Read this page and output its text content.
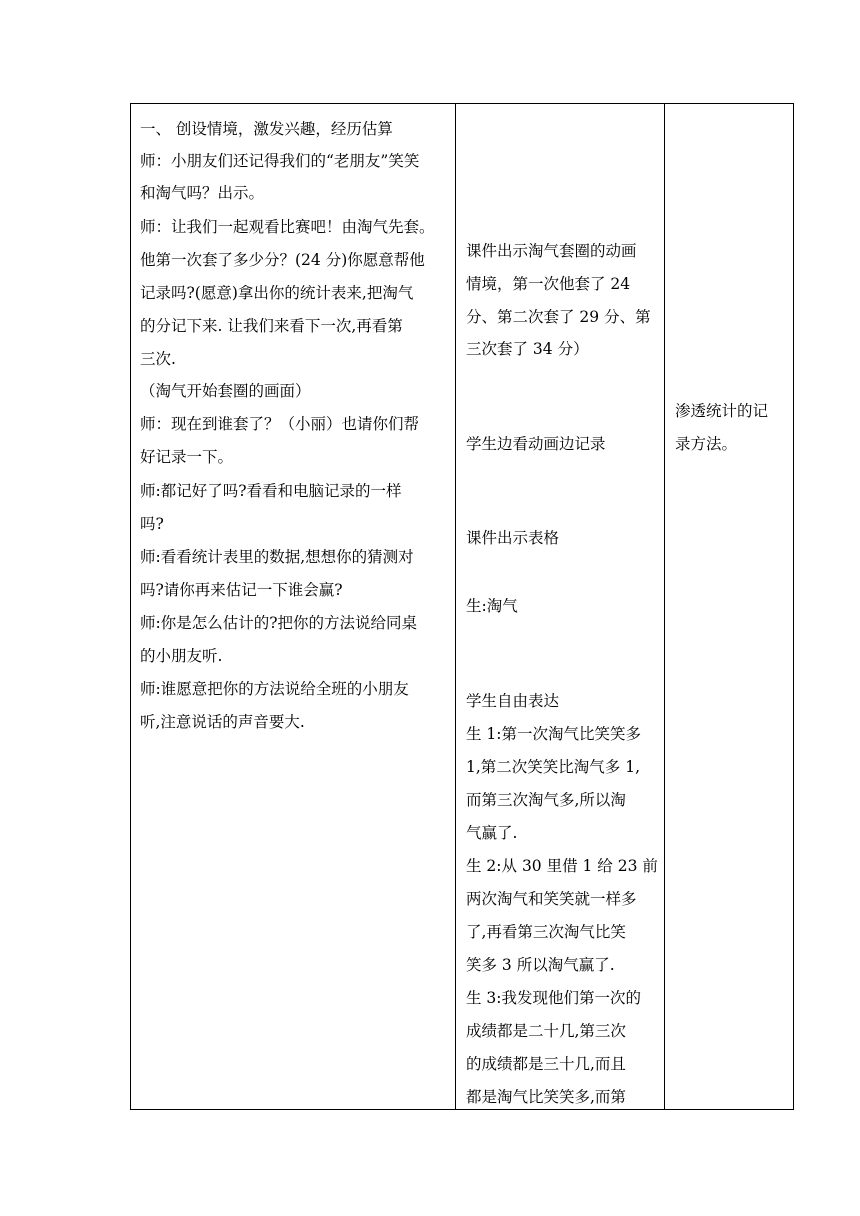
一、 创设情境，激发兴趣，经历估算
师：小朋友们还记得我们的“老朋友”笑笑
和淘气吗？出示。
师：让我们一起观看比赛吧！由淘气先套。
他第一次套了多少分？(24 分)你愿意帮他
记录吗?(愿意)拿出你的统计表来,把淘气
的分记下来. 让我们来看下一次,再看第
三次.
（淘气开始套圈的画面）
师：现在到谁套了？（小丽）也请你们帮
好记录一下。
师:都记好了吗?看看和电脑记录的一样
吗?
师:看看统计表里的数据,想想你的猜测对
吗?请你再来估记一下谁会赢?
师:你是怎么估计的?把你的方法说给同桌
的小朋友听.
师:谁愿意把你的方法说给全班的小朋友
听,注意说话的声音要大.
课件出示淘气套圈的动画
情境，第一次他套了 24
分、第二次套了 29 分、第
三次套了 34 分）
学生边看动画边记录
课件出示表格
生:淘气
学生自由表达
生 1:第一次淘气比笑笑多
1,第二次笑笑比淘气多 1,
而第三次淘气多,所以淘
气赢了.
生 2:从 30 里借 1 给 23 前
两次淘气和笑笑就一样多
了,再看第三次淘气比笑
笑多 3 所以淘气赢了.
生 3:我发现他们第一次的
成绩都是二十几,第三次
的成绩都是三十几,而且
都是淘气比笑笑多,而第
渗透统计的记
录方法。
